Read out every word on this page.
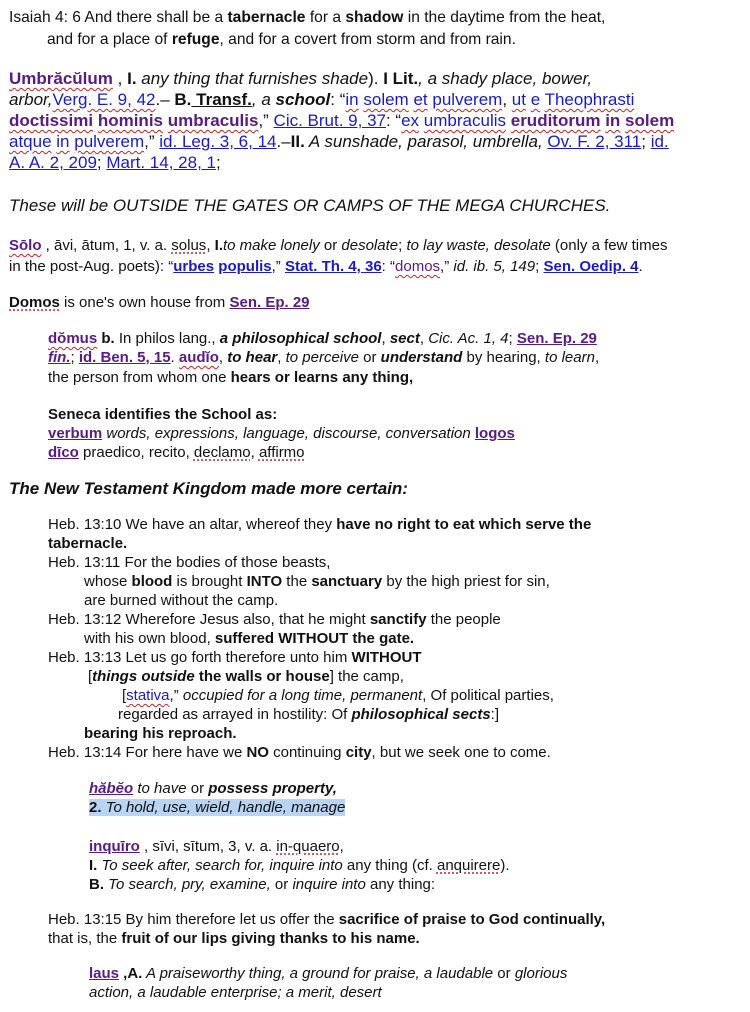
Isaiah 4: 6 And there shall be a tabernacle for a shadow in the daytime from the heat,
and for a place of refuge, and for a covert from storm and from rain.
Umbrăcŭlum , I. any thing that furnishes shade). I Lit., a shady place, bower,
arbor,Verg. E. 9, 42.– B. Transf., a school: “in solem et pulverem, ut e Theophrasti
doctissimi hominis umbraculis,” Cic. Brut. 9, 37: “ex umbraculis eruditorum in solem
atque in pulverem,” id. Leg. 3, 6, 14.–II. A sunshade, parasol, umbrella, Ov. F. 2, 311; id.
A. A. 2, 209; Mart. 14, 28, 1;
These will be OUTSIDE THE GATES OR CAMPS OF THE MEGA CHURCHES.
Sōlo , āvi, ātum, 1, v. a. solus, I.to make lonely or desolate; to lay waste, desolate (only a few times
in the post-Aug. poets): “urbes populis,” Stat. Th. 4, 36: “domos,” id. ib. 5, 149; Sen. Oedip. 4.
Domos is one's own house from Sen. Ep. 29
dŏmus b. In philos lang., a philosophical school, sect, Cic. Ac. 1, 4; Sen. Ep. 29
fin.; id. Ben. 5, 15. audĭo, to hear, to perceive or understand by hearing, to learn,
the person from whom one hears or learns any thing,
Seneca identifies the School as:
verbum words, expressions, language, discourse, conversation logos
dīco praedico, recito, declamo, affirmo
The New Testament Kingdom made more certain:
Heb. 13:10 We have an altar, whereof they have no right to eat which serve the
tabernacle.
Heb. 13:11 For the bodies of those beasts,
whose blood is brought INTO the sanctuary by the high priest for sin,
are burned without the camp.
Heb. 13:12 Wherefore Jesus also, that he might sanctify the people
with his own blood, suffered WITHOUT the gate.
Heb. 13:13 Let us go forth therefore unto him WITHOUT
[things outside the walls or house] the camp,
[stativa,” occupied for a long time, permanent, Of political parties,
regarded as arrayed in hostility: Of philosophical sects:]
bearing his reproach.
Heb. 13:14 For here have we NO continuing city, but we seek one to come.
hăbĕo to have or possess property,
2. To hold, use, wield, handle, manage
inquīro , sīvi, sītum, 3, v. a. in-quaero,
I. To seek after, search for, inquire into any thing (cf. anquirere).
B. To search, pry, examine, or inquire into any thing:
Heb. 13:15 By him therefore let us offer the sacrifice of praise to God continually,
that is, the fruit of our lips giving thanks to his name.
laus ,A. A praiseworthy thing, a ground for praise, a laudable or glorious
action, a laudable enterprise; a merit, desert
